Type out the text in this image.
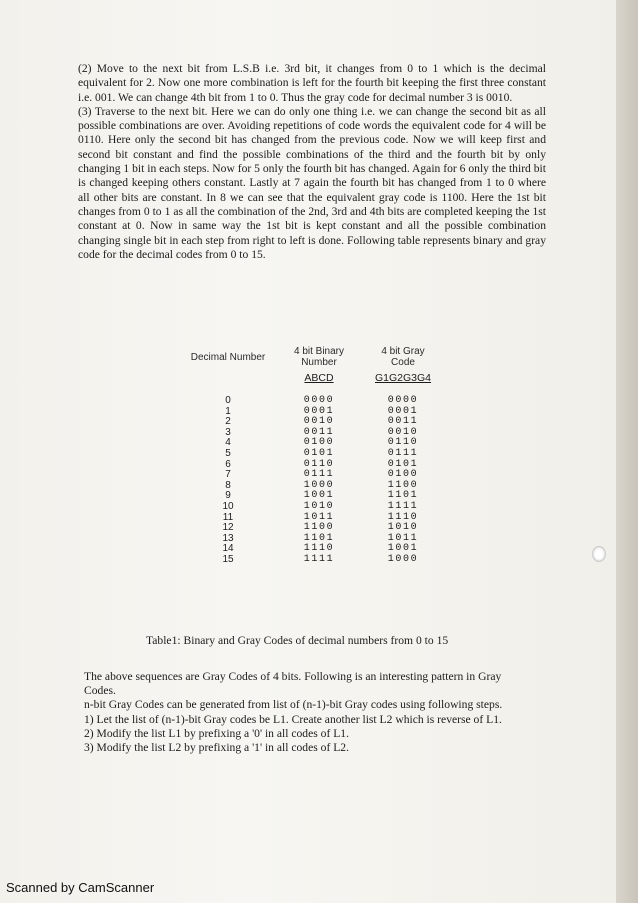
(2) Move to the next bit from L.S.B i.e. 3rd bit, it changes from 0 to 1 which is the decimal equivalent for 2. Now one more combination is left for the fourth bit keeping the first three constant i.e. 001. We can change 4th bit from 1 to 0. Thus the gray code for decimal number 3 is 0010.

(3) Traverse to the next bit. Here we can do only one thing i.e. we can change the second bit as all possible combinations are over. Avoiding repetitions of code words the equivalent code for 4 will be 0110. Here only the second bit has changed from the previous code. Now we will keep first and second bit constant and find the possible combinations of the third and the fourth bit by only changing 1 bit in each steps. Now for 5 only the fourth bit has changed. Again for 6 only the third bit is changed keeping others constant. Lastly at 7 again the fourth bit has changed from 1 to 0 where all other bits are constant. In 8 we can see that the equivalent gray code is 1100. Here the 1st bit changes from 0 to 1 as all the combination of the 2nd, 3rd and 4th bits are completed keeping the 1st constant at 0. Now in same way the 1st bit is kept constant and all the possible combination changing single bit in each step from right to left is done. Following table represents binary and gray code for the decimal codes from 0 to 15.

Decimal Number
0
1
2
3
4
5
6
7
8
9
10
11
12
13
14
15
4 bit Binary Number
ABCD
0000
0001
0010
0011
0100
0101
0110
0111
1000
1001
1010
1011
1100
1101
1110
1111
4 bit Gray Code
G1G2G3G4
0000
0001
0011
0010
0110
0111
0101
0100
1100
1101
1111
1110
1010
1011
1001
1000
Table1: Binary and Gray Codes of decimal numbers from 0 to 15

The above sequences are Gray Codes of 4 bits. Following is an interesting pattern in Gray Codes.

n-bit Gray Codes can be generated from list of (n-1)-bit Gray codes using following steps.

1) Let the list of (n-1)-bit Gray codes be L1. Create another list L2 which is reverse of L1.

2) Modify the list L1 by prefixing a '0' in all codes of L1.

3) Modify the list L2 by prefixing a '1' in all codes of L2.

Scanned by CamScanner
